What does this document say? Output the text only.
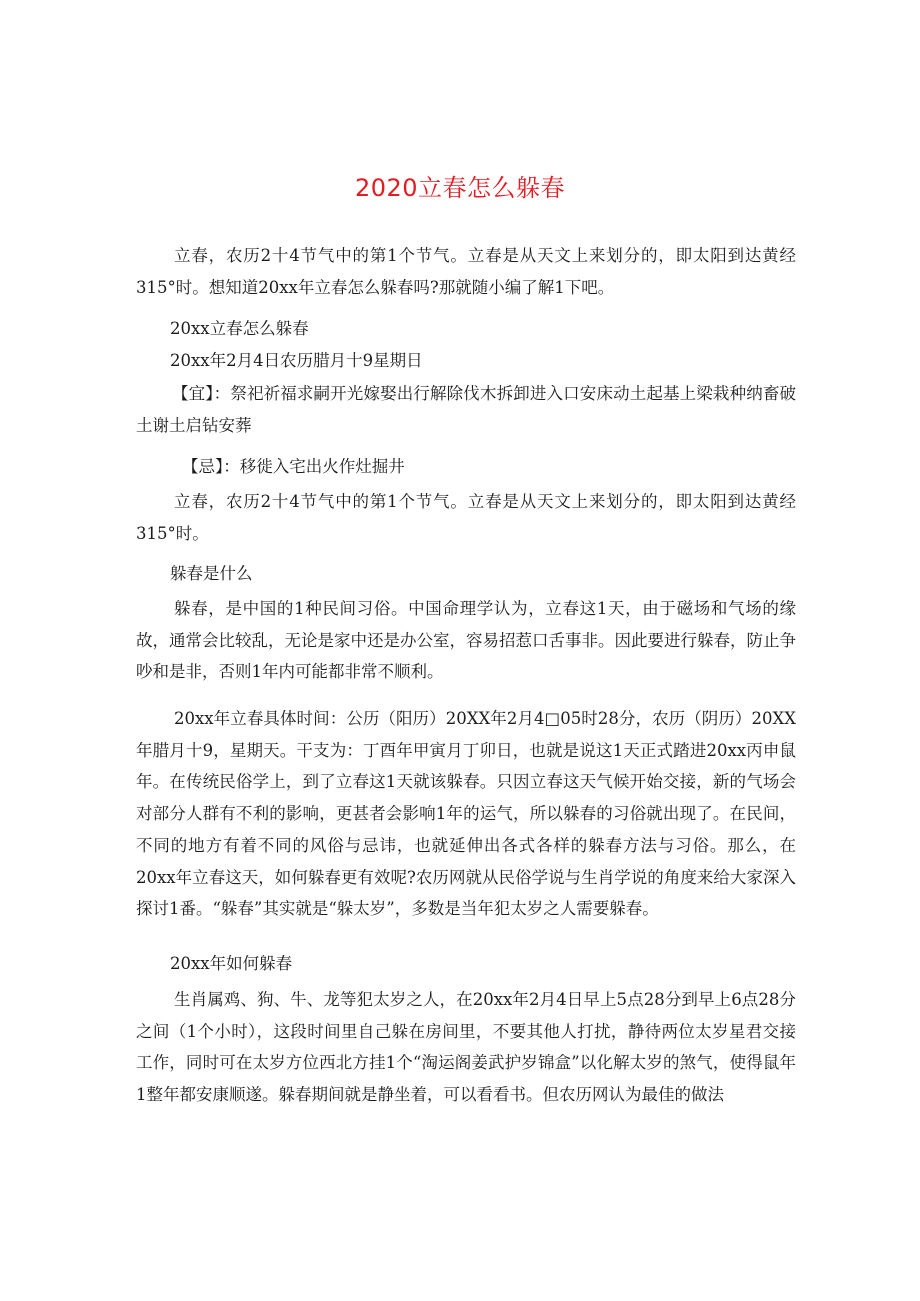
2020立春怎么躲春
立春，农历2十4节气中的第1个节气。立春是从天文上来划分的，即太阳到达黄经315°时。想知道20xx年立春怎么躲春吗?那就随小编了解1下吧。
20xx立春怎么躲春
20xx年2月4日农历腊月十9星期日
【宜】：祭祀祈福求嗣开光嫁娶出行解除伐木拆卸进入口安床动土起基上梁栽种纳畜破土谢土启钻安葬
【忌】：移徙入宅出火作灶掘井
立春，农历2十4节气中的第1个节气。立春是从天文上来划分的，即太阳到达黄经315°时。
躲春是什么
躲春，是中国的1种民间习俗。中国命理学认为，立春这1天，由于磁场和气场的缘故，通常会比较乱，无论是家中还是办公室，容易招惹口舌事非。因此要进行躲春，防止争吵和是非，否则1年内可能都非常不顺利。
20xx年立春具体时间：公历（阳历）20XX年2月4□05时28分，农历（阴历）20XX年腊月十9，星期天。干支为：丁酉年甲寅月丁卯日，也就是说这1天正式踏进20xx丙申鼠年。在传统民俗学上，到了立春这1天就该躲春。只因立春这天气候开始交接，新的气场会对部分人群有不利的影响，更甚者会影响1年的运气，所以躲春的习俗就出现了。在民间，不同的地方有着不同的风俗与忌讳，也就延伸出各式各样的躲春方法与习俗。那么，在20xx年立春这天，如何躲春更有效呢?农历网就从民俗学说与生肖学说的角度来给大家深入探讨1番。“躲春”其实就是“躲太岁”，多数是当年犯太岁之人需要躲春。
20xx年如何躲春
生肖属鸡、狗、牛、龙等犯太岁之人，在20xx年2月4日早上5点28分到早上6点28分之间（1个小时），这段时间里自己躲在房间里，不要其他人打扰，静待两位太岁星君交接工作，同时可在太岁方位西北方挂1个“淘运阁姜武护岁锦盒”以化解太岁的煞气，使得鼠年1整年都安康顺遂。躲春期间就是静坐着，可以看看书。但农历网认为最佳的做法
